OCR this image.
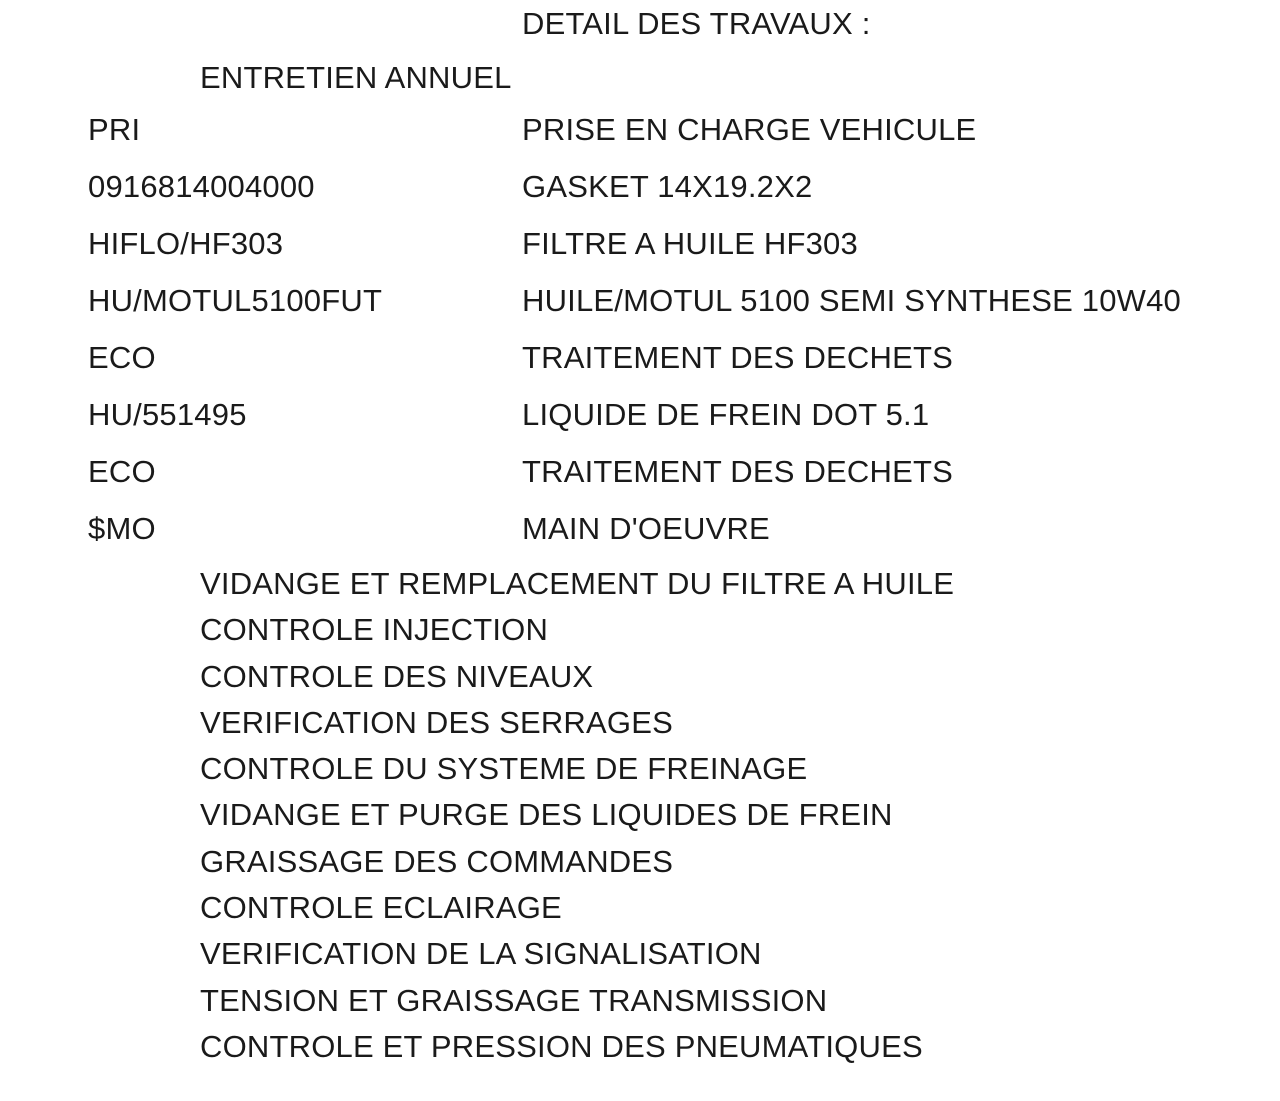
DETAIL DES TRAVAUX :
ENTRETIEN ANNUEL
PRI	PRISE EN CHARGE VEHICULE
0916814004000	GASKET 14X19.2X2
HIFLO/HF303	FILTRE A HUILE HF303
HU/MOTUL5100FUT	HUILE/MOTUL 5100 SEMI SYNTHESE 10W40
ECO	TRAITEMENT DES DECHETS
HU/551495	LIQUIDE DE FREIN DOT 5.1
ECO	TRAITEMENT DES DECHETS
$MO	MAIN D'OEUVRE
VIDANGE ET REMPLACEMENT DU FILTRE A HUILE
CONTROLE INJECTION
CONTROLE DES NIVEAUX
VERIFICATION DES SERRAGES
CONTROLE DU SYSTEME DE FREINAGE
VIDANGE ET PURGE DES LIQUIDES DE FREIN
GRAISSAGE DES COMMANDES
CONTROLE ECLAIRAGE
VERIFICATION DE LA SIGNALISATION
TENSION ET GRAISSAGE TRANSMISSION
CONTROLE ET PRESSION DES PNEUMATIQUES
